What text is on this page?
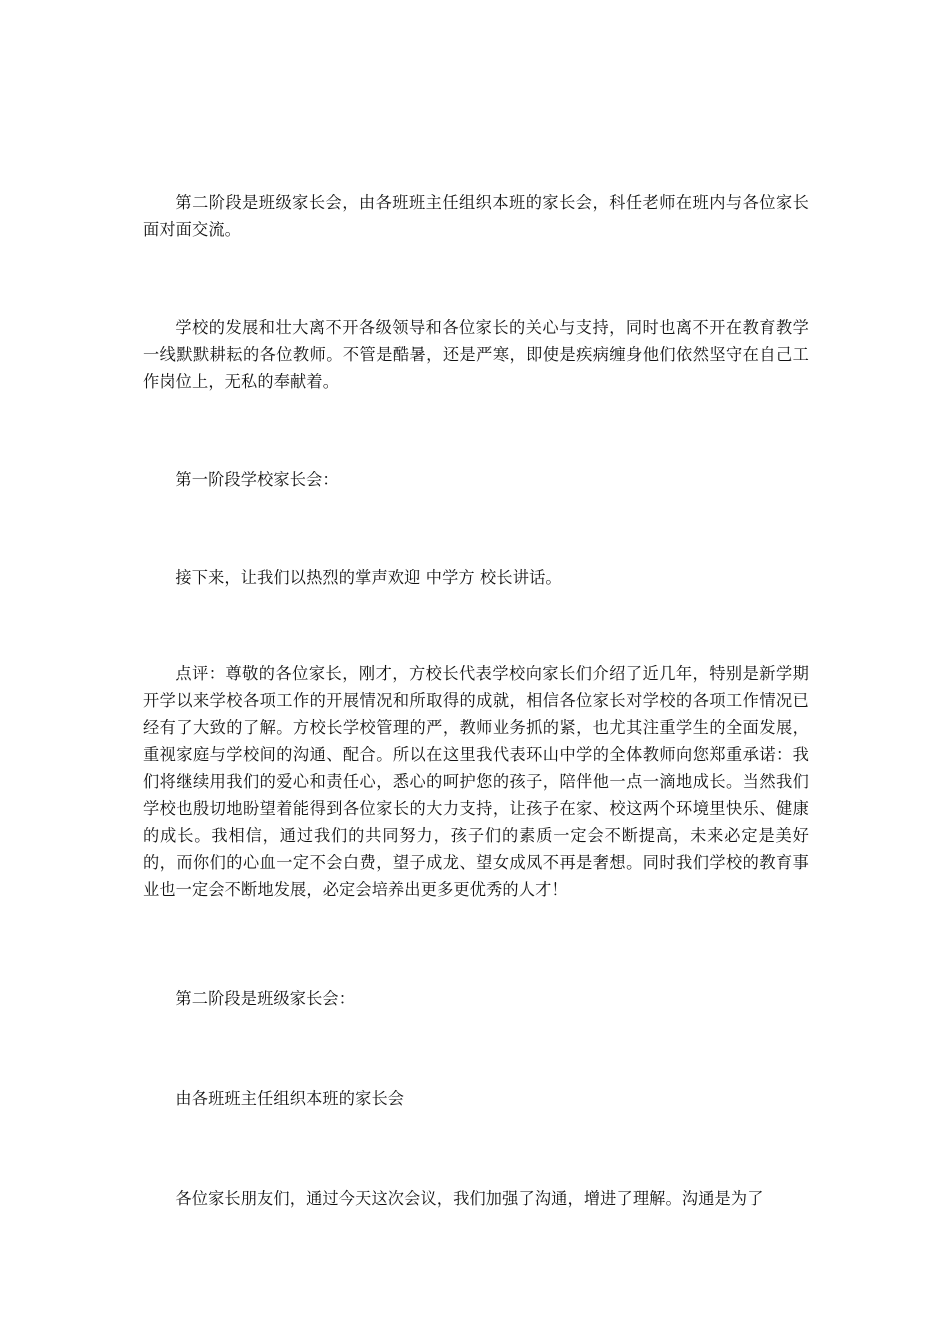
第二阶段是班级家长会，由各班班主任组织本班的家长会，科任老师在班内与各位家长面对面交流。

学校的发展和壮大离不开各级领导和各位家长的关心与支持，同时也离不开在教育教学一线默默耕耘的各位教师。不管是酷暑，还是严寒，即使是疾病缠身他们依然坚守在自己工作岗位上，无私的奉献着。

第一阶段学校家长会：

接下来，让我们以热烈的掌声欢迎 中学方 校长讲话。

点评：尊敬的各位家长，刚才，方校长代表学校向家长们介绍了近几年，特别是新学期开学以来学校各项工作的开展情况和所取得的成就，相信各位家长对学校的各项工作情况已经有了大致的了解。方校长学校管理的严，教师业务抓的紧，也尤其注重学生的全面发展，重视家庭与学校间的沟通、配合。所以在这里我代表环山中学的全体教师向您郑重承诺：我们将继续用我们的爱心和责任心，悉心的呵护您的孩子，陪伴他一点一滴地成长。当然我们学校也殷切地盼望着能得到各位家长的大力支持，让孩子在家、校这两个环境里快乐、健康的成长。我相信，通过我们的共同努力，孩子们的素质一定会不断提高，未来必定是美好的，而你们的心血一定不会白费，望子成龙、望女成凤不再是奢想。同时我们学校的教育事业也一定会不断地发展，必定会培养出更多更优秀的人才！

第二阶段是班级家长会：

由各班班主任组织本班的家长会

各位家长朋友们，通过今天这次会议，我们加强了沟通，增进了理解。沟通是为了
